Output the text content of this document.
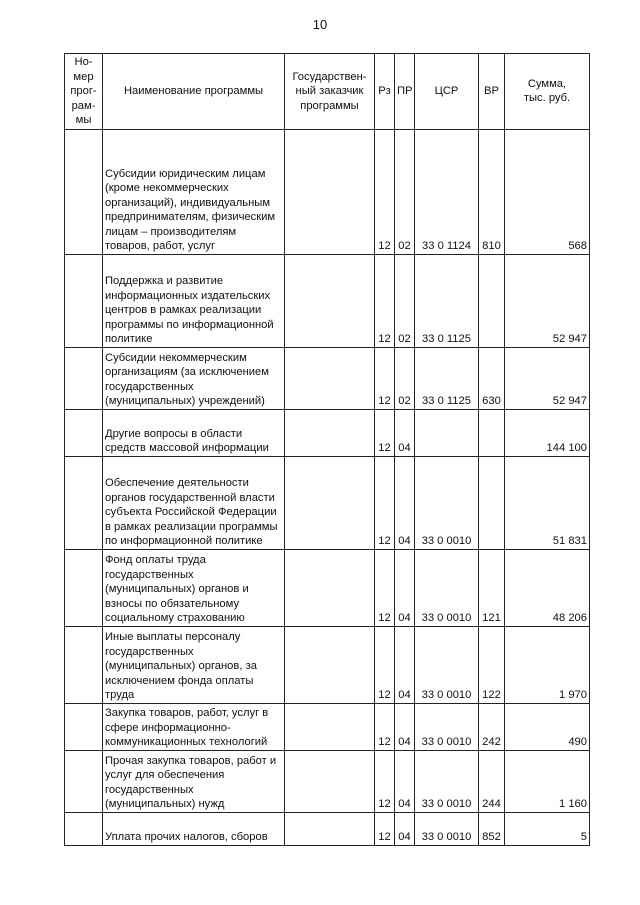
10
Но-
мер
прог-
рам-
мы	Наименование программы	Государствен-
ный заказчик
программы	Рз	ПР	ЦСР	ВР	Сумма,
тыс. руб.
	Субсидии юридическим лицам (кроме некоммерческих организаций), индивидуальным предпринимателям, физическим лицам – производителям товаров, работ, услуг		12	02	33 0 1124	810	568
	Поддержка и развитие информационных издательских центров в рамках реализации программы по информационной политике		12	02	33 0 1125		52 947
	Субсидии некоммерческим организациям (за исключением государственных (муниципальных) учреждений)		12	02	33 0 1125	630	52 947
	Другие вопросы в области средств массовой информации		12	04			144 100
	Обеспечение деятельности органов государственной власти субъекта Российской Федерации в рамках реализации программы по информационной политике		12	04	33 0 0010		51 831
	Фонд оплаты труда государственных (муниципальных) органов и взносы по обязательному социальному страхованию		12	04	33 0 0010	121	48 206
	Иные выплаты персоналу государственных (муниципальных) органов, за исключением фонда оплаты труда		12	04	33 0 0010	122	1 970
	Закупка товаров, работ, услуг в сфере информационно-коммуникационных технологий		12	04	33 0 0010	242	490
	Прочая закупка товаров, работ и услуг для обеспечения государственных (муниципальных) нужд		12	04	33 0 0010	244	1 160
	Уплата прочих налогов, сборов		12	04	33 0 0010	852	5
